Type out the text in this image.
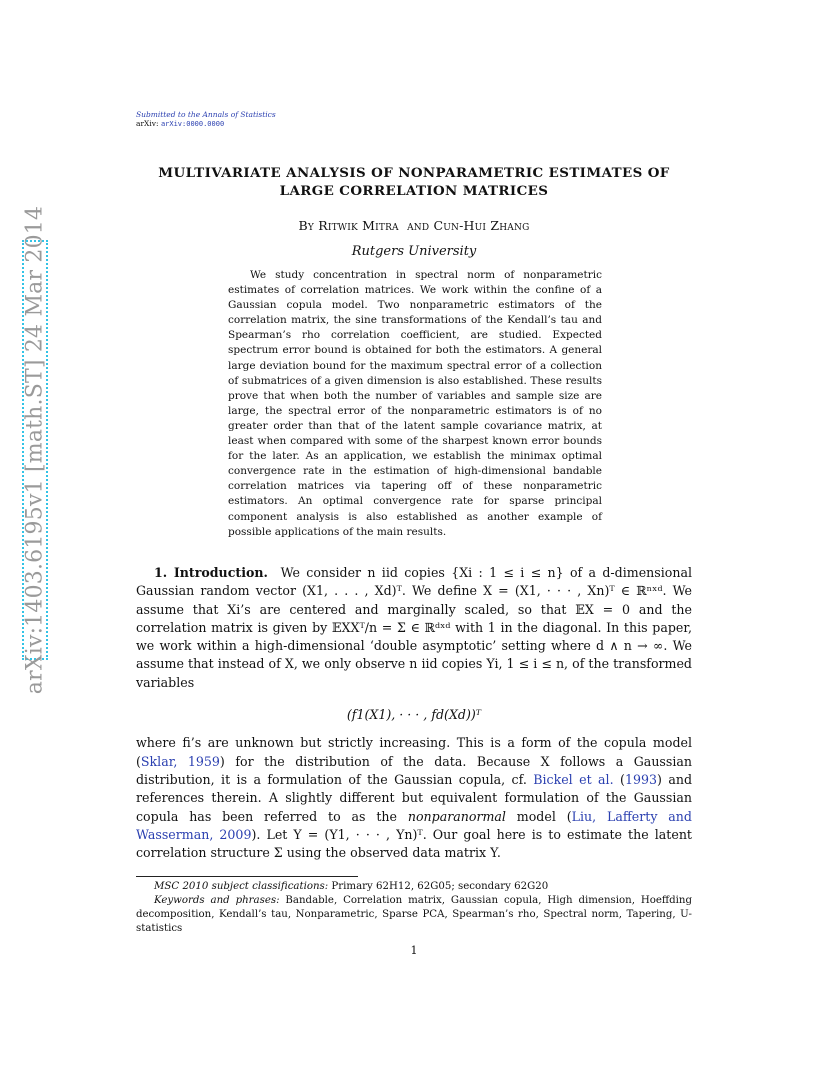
Submitted to the Annals of Statistics
arXiv: arXiv:0000.0000
arXiv:1403.6195v1 [math.ST] 24 Mar 2014
MULTIVARIATE ANALYSIS OF NONPARAMETRIC ESTIMATES OF LARGE CORRELATION MATRICES
By Ritwik Mitra and Cun-Hui Zhang
Rutgers University

We study concentration in spectral norm of nonparametric estimates of correlation matrices. We work within the confine of a Gaussian copula model. Two nonparametric estimators of the correlation matrix, the sine transformations of the Kendall’s tau and Spearman’s rho correlation coefficient, are studied. Expected spectrum error bound is obtained for both the estimators. A general large deviation bound for the maximum spectral error of a collection of submatrices of a given dimension is also established. These results prove that when both the number of variables and sample size are large, the spectral error of the nonparametric estimators is of no greater order than that of the latent sample covariance matrix, at least when compared with some of the sharpest known error bounds for the later. As an application, we establish the minimax optimal convergence rate in the estimation of high-dimensional bandable correlation matrices via tapering off of these nonparametric estimators. An optimal convergence rate for sparse principal component analysis is also established as another example of possible applications of the main results.

1. Introduction. We consider n iid copies {Xi : 1 ≤ i ≤ n} of a d-dimensional Gaussian random vector (X1, . . . , Xd)ᵀ. We define X = (X1, · · · , Xn)ᵀ ∈ ℝⁿˣᵈ. We assume that Xi’s are centered and marginally scaled, so that 𝔼X = 0 and the correlation matrix is given by 𝔼XXᵀ/n = Σ ∈ ℝᵈˣᵈ with 1 in the diagonal. In this paper, we work within a high-dimensional ‘double asymptotic’ setting where d ∧ n → ∞. We assume that instead of X, we only observe n iid copies Yi, 1 ≤ i ≤ n, of the transformed variables

(f1(X1), · · · , fd(Xd))ᵀ

where fi’s are unknown but strictly increasing. This is a form of the copula model (Sklar, 1959) for the distribution of the data. Because X follows a Gaussian distribution, it is a formulation of the Gaussian copula, cf. Bickel et al. (1993) and references therein. A slightly different but equivalent formulation of the Gaussian copula has been referred to as the nonparanormal model (Liu, Lafferty and Wasserman, 2009). Let Y = (Y1, · · · , Yn)ᵀ. Our goal here is to estimate the latent correlation structure Σ using the observed data matrix Y.

MSC 2010 subject classifications: Primary 62H12, 62G05; secondary 62G20

Keywords and phrases: Bandable, Correlation matrix, Gaussian copula, High dimension, Hoeffding decomposition, Kendall’s tau, Nonparametric, Sparse PCA, Spearman’s rho, Spectral norm, Tapering, U-statistics

1
